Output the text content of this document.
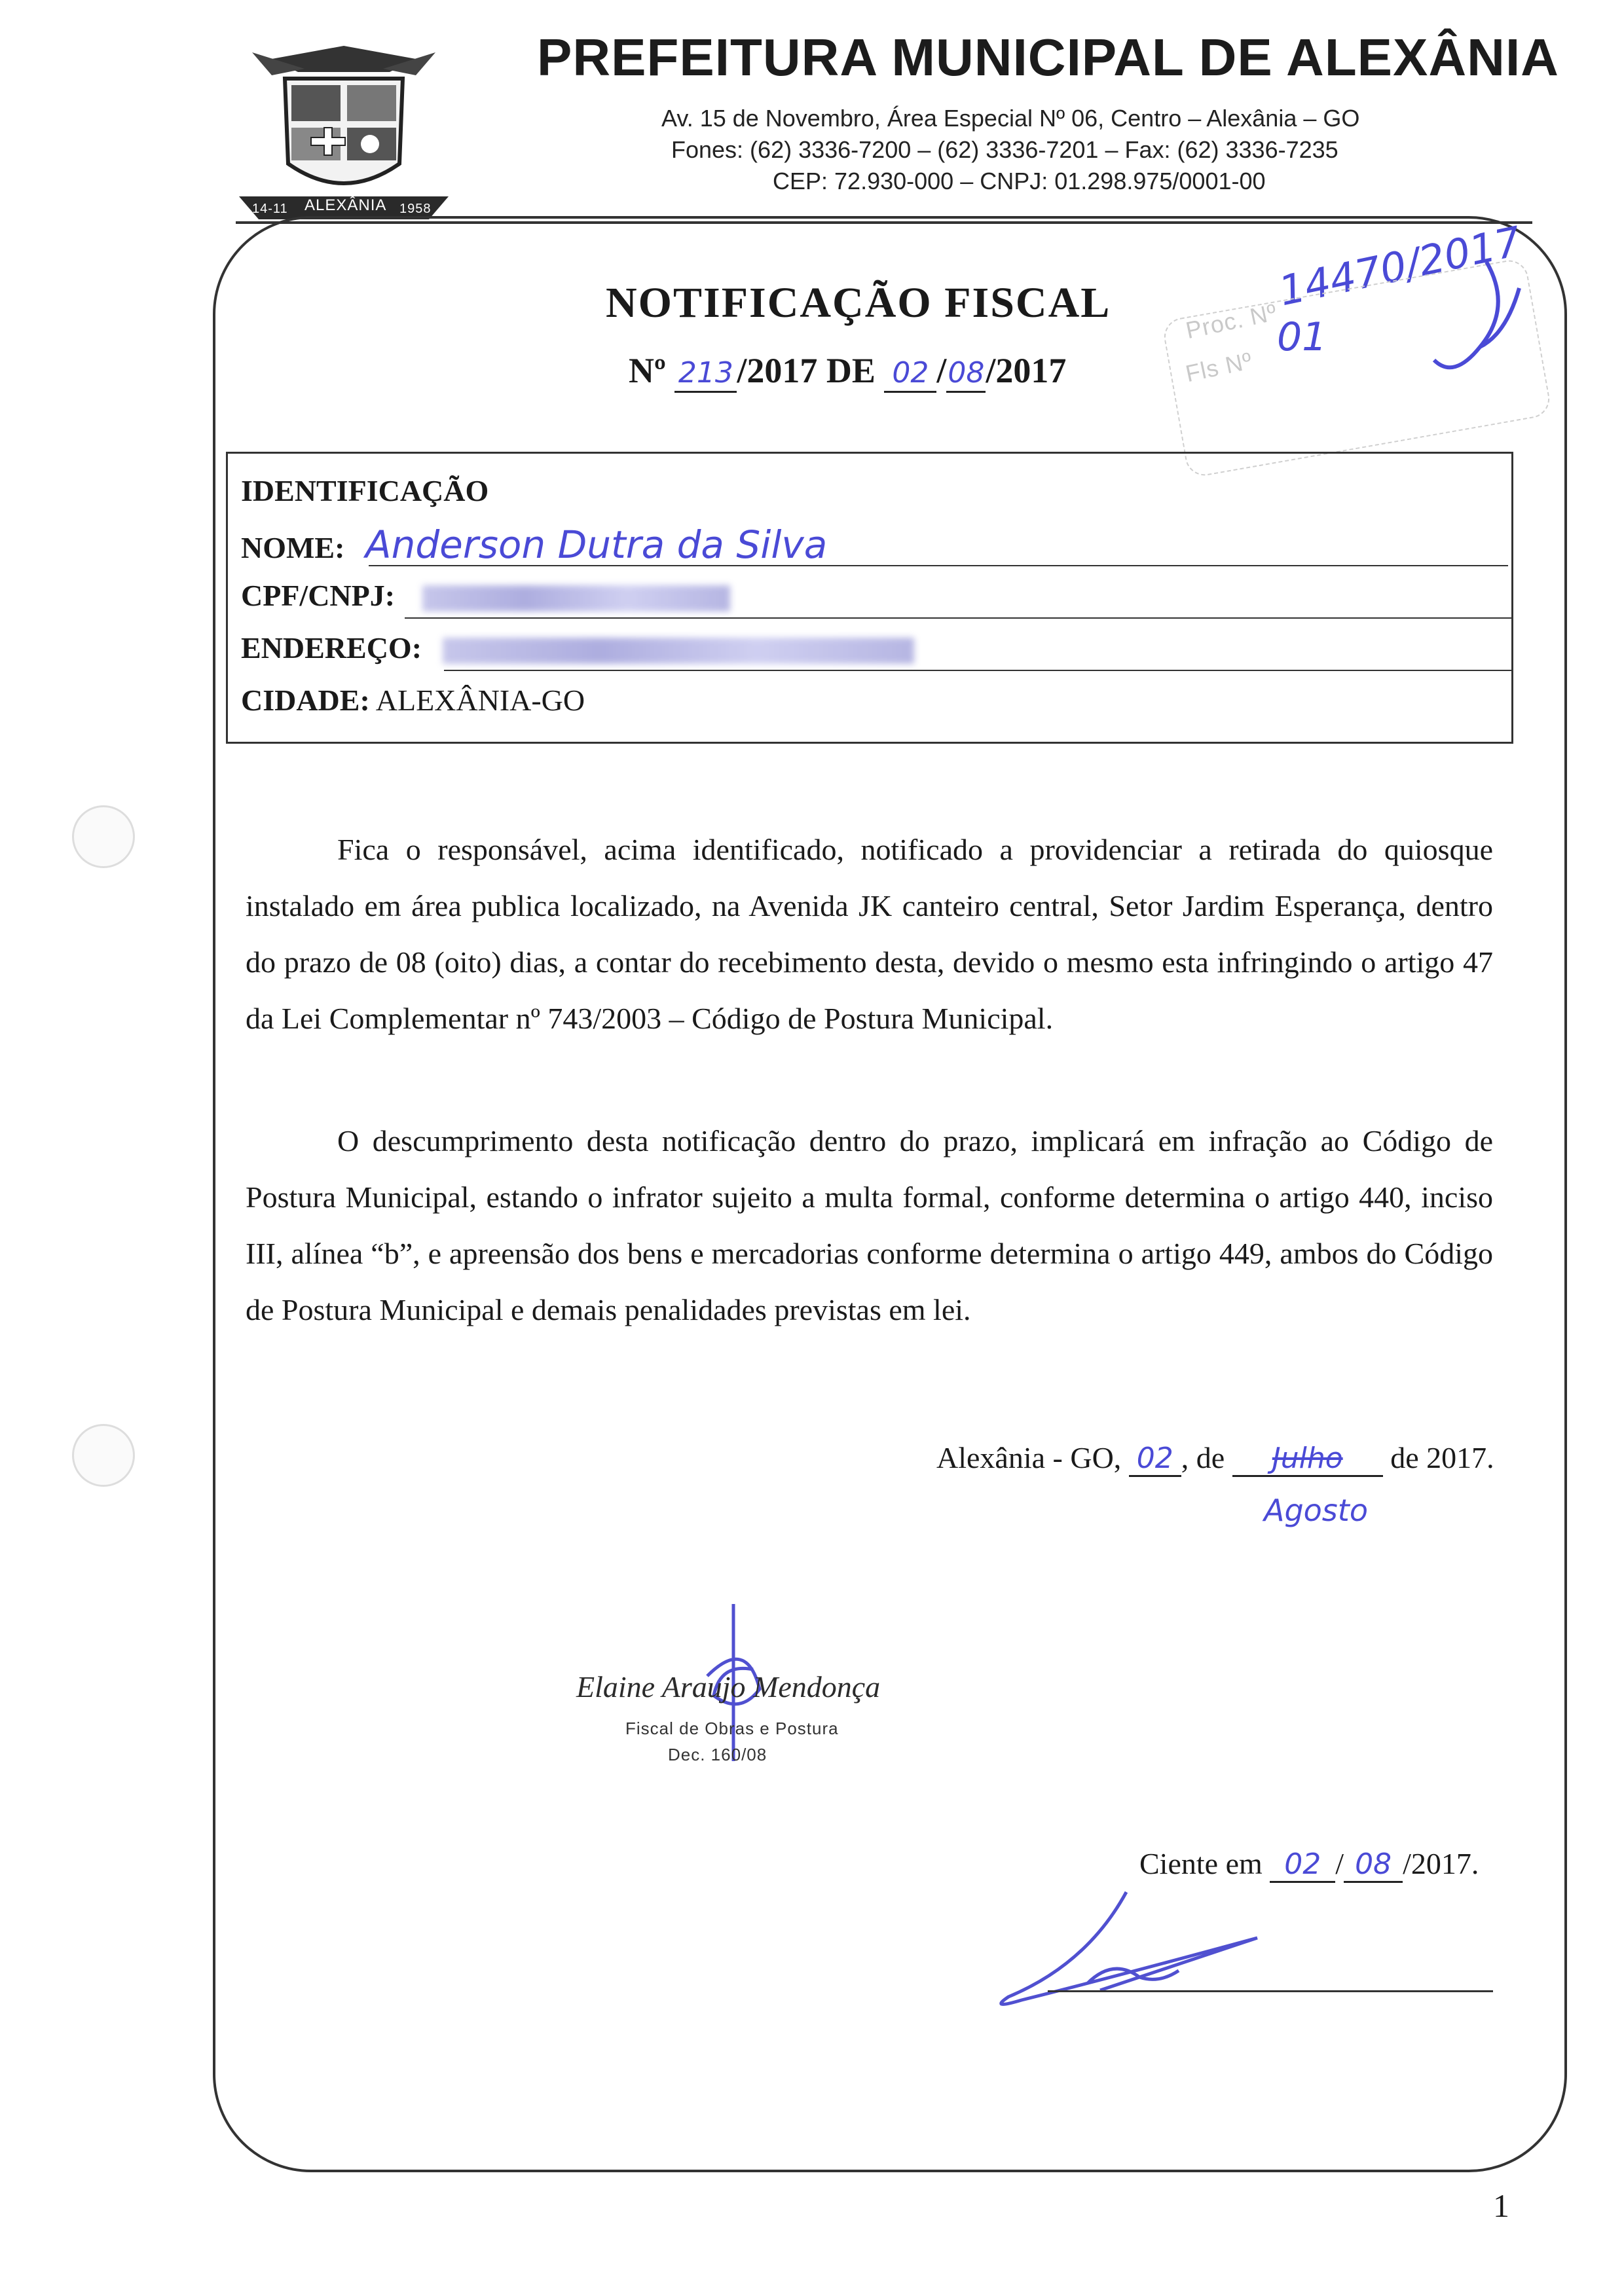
14-11 ALEXÂNIA 1958
PREFEITURA MUNICIPAL DE ALEXÂNIA
Av. 15 de Novembro, Área Especial Nº 06, Centro – Alexânia – GO
Fones: (62) 3336-7200 – (62) 3336-7201 – Fax: (62) 3336-7235
CEP: 72.930-000 – CNPJ: 01.298.975/0001-00
14470/2017
Proc. Nº
Fls Nº
01
NOTIFICAÇÃO FISCAL
Nº 213 /2017 DE 02 /08/2017
IDENTIFICAÇÃO
NOME: Anderson Dutra da Silva
CPF/CNPJ:
ENDEREÇO:
CIDADE: ALEXÂNIA-GO
Fica o responsável, acima identificado, notificado a providenciar a retirada do quiosque instalado em área publica localizado, na Avenida JK canteiro central, Setor Jardim Esperança, dentro do prazo de 08 (oito) dias, a contar do recebimento desta, devido o mesmo esta infringindo o artigo 47 da Lei Complementar nº 743/2003 – Código de Postura Municipal.
O descumprimento desta notificação dentro do prazo, implicará em infração ao Código de Postura Municipal, estando o infrator sujeito a multa formal, conforme determina o artigo 440, inciso III, alínea “b”, e apreensão dos bens e mercadorias conforme determina o artigo 449, ambos do Código de Postura Municipal e demais penalidades previstas em lei.
Alexânia - GO, 02 , de Julho de 2017.
Agosto
Elaine Araujo Mendonça
Fiscal de Obras e Postura
Dec. 160/08
Ciente em 02 / 08 /2017.
1
